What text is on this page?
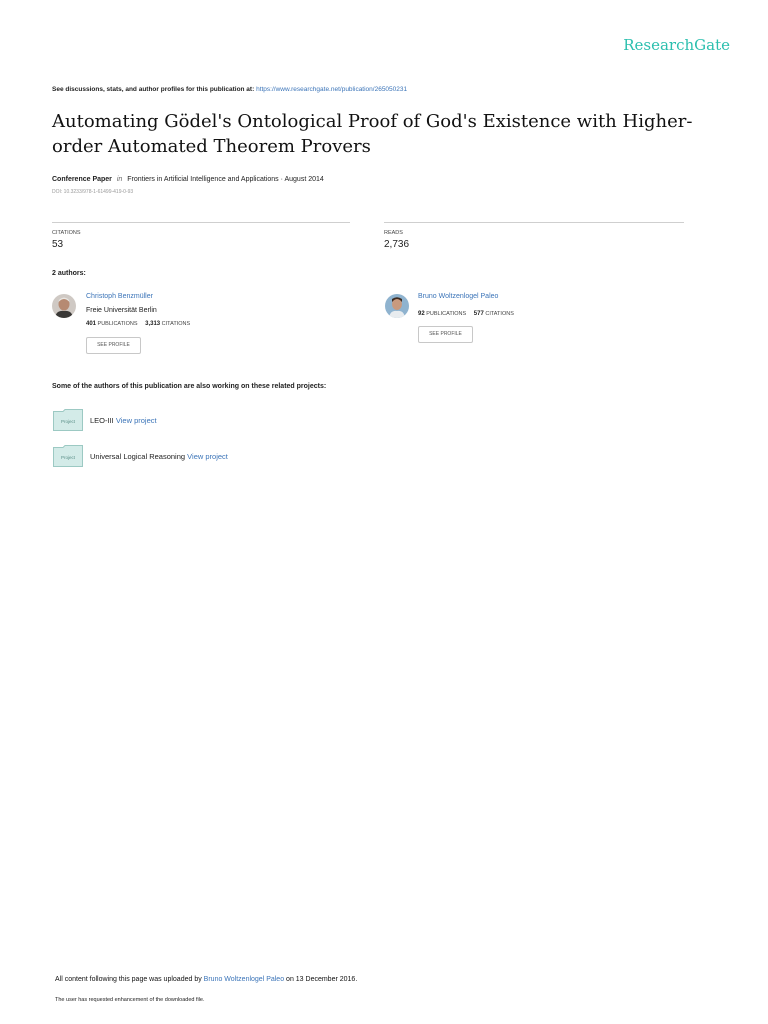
ResearchGate
See discussions, stats, and author profiles for this publication at: https://www.researchgate.net/publication/265050231
Automating Gödel's Ontological Proof of God's Existence with Higher-order Automated Theorem Provers
Conference Paper in Frontiers in Artificial Intelligence and Applications · August 2014
DOI: 10.3233/978-1-61499-419-0-93
CITATIONS
53
READS
2,736
2 authors:
Christoph Benzmüller
Freie Universität Berlin
401 PUBLICATIONS 3,313 CITATIONS
SEE PROFILE
Bruno Woltzenlogel Paleo
92 PUBLICATIONS 577 CITATIONS
SEE PROFILE
Some of the authors of this publication are also working on these related projects:
Project LEO-III View project
Project Universal Logical Reasoning View project
All content following this page was uploaded by Bruno Woltzenlogel Paleo on 13 December 2016.
The user has requested enhancement of the downloaded file.
